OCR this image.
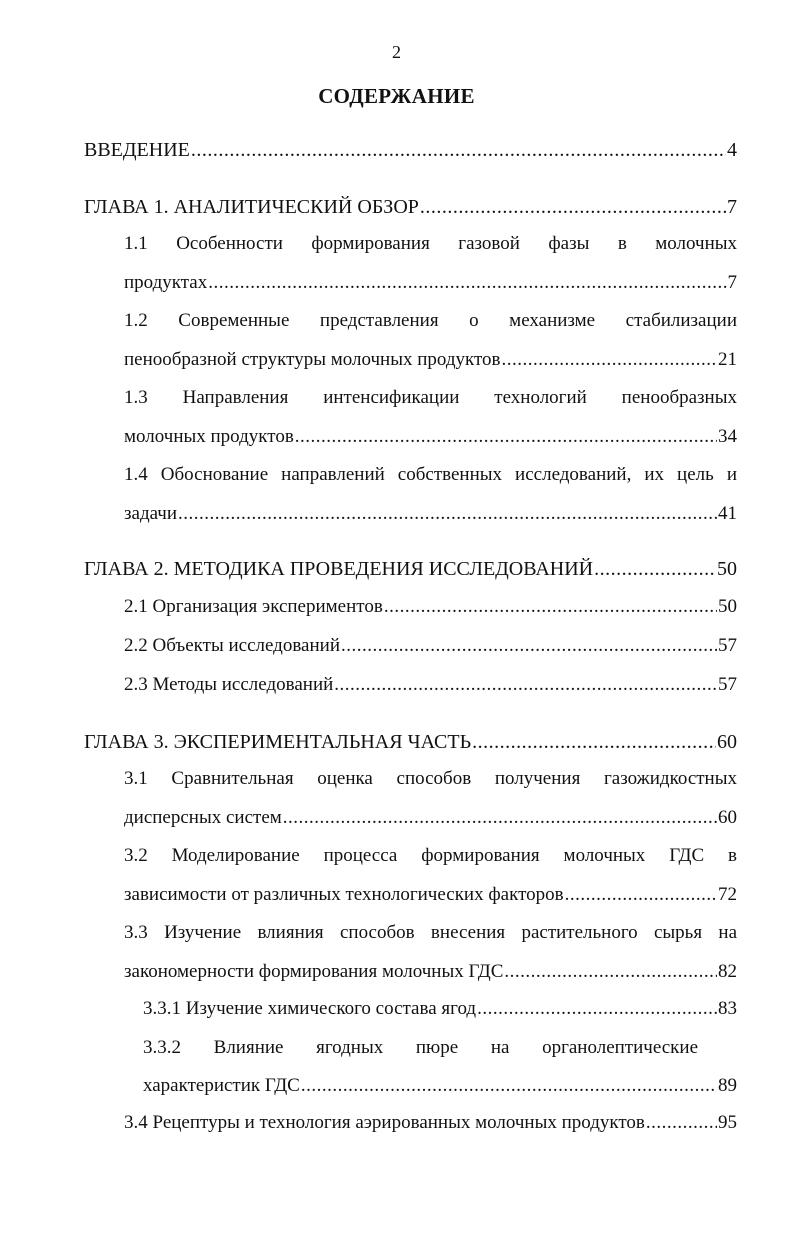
2
СОДЕРЖАНИЕ
ВВЕДЕНИЕ .....	4
ГЛАВА 1. АНАЛИТИЧЕСКИЙ ОБЗОР .....	7
1.1 Особенности формирования газовой фазы в молочных
продуктах .....	7
1.2 Современные представления о механизме стабилизации
пенообразной структуры молочных продуктов .....	21
1.3 Направления интенсификации технологий пенообразных
молочных продуктов .....	34
1.4 Обоснование направлений собственных исследований, их цель и
задачи .....	41
ГЛАВА 2. МЕТОДИКА ПРОВЕДЕНИЯ ИССЛЕДОВАНИЙ .....	50
2.1 Организация экспериментов .....	50
2.2 Объекты исследований .....	57
2.3 Методы исследований .....	57
ГЛАВА 3. ЭКСПЕРИМЕНТАЛЬНАЯ ЧАСТЬ .....	60
3.1 Сравнительная оценка способов получения газожидкостных
дисперсных систем .....	60
3.2 Моделирование процесса формирования молочных ГДС в
зависимости от различных технологических факторов .....	72
3.3 Изучение влияния способов внесения растительного сырья на
закономерности формирования молочных ГДС .....	82
3.3.1 Изучение химического состава ягод .....	83
3.3.2 Влияние ягодных пюре на органолептические
характеристик ГДС .....	89
3.4 Рецептуры и технология аэрированных молочных продуктов .....	95
